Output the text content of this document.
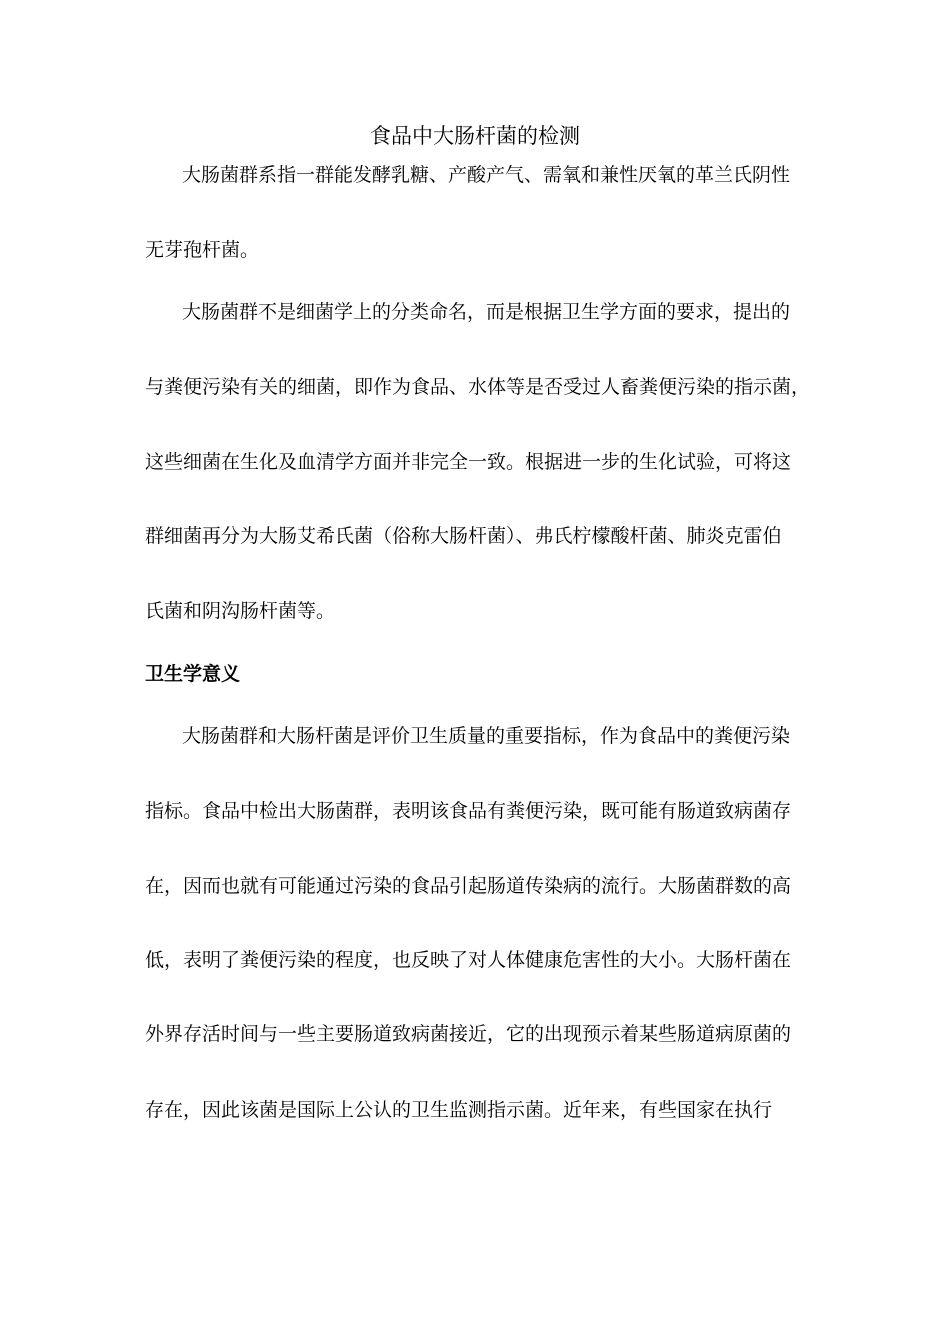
食品中大肠杆菌的检测
大肠菌群系指一群能发酵乳糖、产酸产气、需氧和兼性厌氧的革兰氏阴性
无芽孢杆菌。
大肠菌群不是细菌学上的分类命名，而是根据卫生学方面的要求，提出的
与粪便污染有关的细菌，即作为食品、水体等是否受过人畜粪便污染的指示菌，
这些细菌在生化及血清学方面并非完全一致。根据进一步的生化试验，可将这
群细菌再分为大肠艾希氏菌（俗称大肠杆菌）、弗氏柠檬酸杆菌、肺炎克雷伯
氏菌和阴沟肠杆菌等。
卫生学意义
大肠菌群和大肠杆菌是评价卫生质量的重要指标，作为食品中的粪便污染
指标。食品中检出大肠菌群，表明该食品有粪便污染，既可能有肠道致病菌存
在，因而也就有可能通过污染的食品引起肠道传染病的流行。大肠菌群数的高
低，表明了粪便污染的程度，也反映了对人体健康危害性的大小。大肠杆菌在
外界存活时间与一些主要肠道致病菌接近，它的出现预示着某些肠道病原菌的
存在，因此该菌是国际上公认的卫生监测指示菌。近年来，有些国家在执行
